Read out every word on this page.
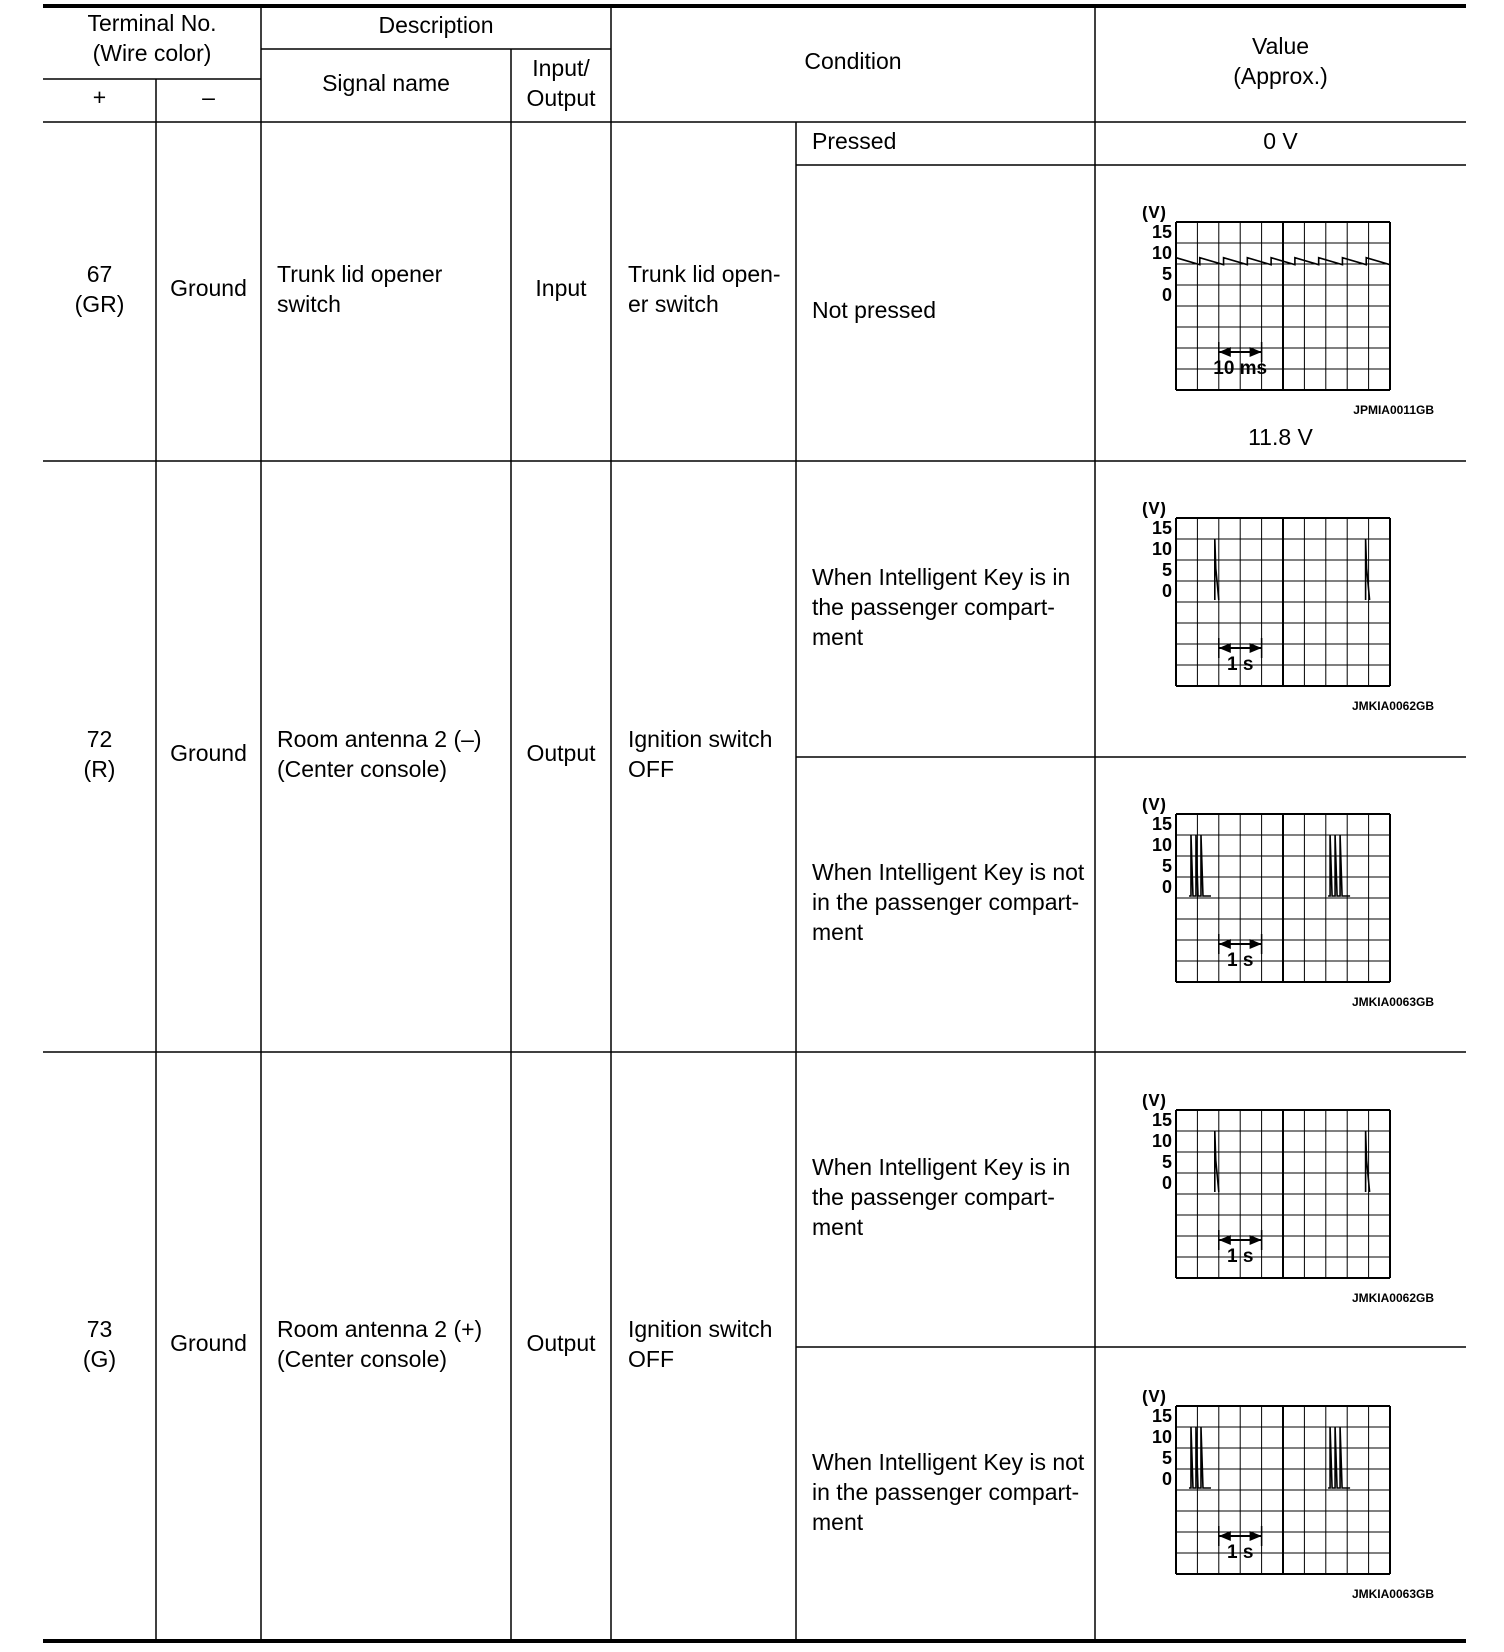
Terminal No.
(Wire color)
+	–
Description
Signal name
Input/
Output
Condition
Value
(Approx.)
67
(GR)
Ground
Trunk lid opener
switch
Input
Trunk lid open-
er switch
Pressed	0 V
Not pressed
11.8 V
72
(R)
Ground
Room antenna 2 (–)
(Center console)
Output
Ignition switch
OFF
When Intelligent Key is in
the passenger compart-
ment
When Intelligent Key is not
in the passenger compart-
ment
73
(G)
Ground
Room antenna 2 (+)
(Center console)
Output
Ignition switch
OFF
When Intelligent Key is in
the passenger compart-
ment
When Intelligent Key is not
in the passenger compart-
ment
(V)
15
10
5
0
10 ms
JPMIA0011GB
(V)
15
10
5
0
1 s
JMKIA0062GB
(V)
15
10
5
0
1 s
JMKIA0063GB
(V)
15
10
5
0
1 s
JMKIA0062GB
(V)
15
10
5
0
1 s
JMKIA0063GB
